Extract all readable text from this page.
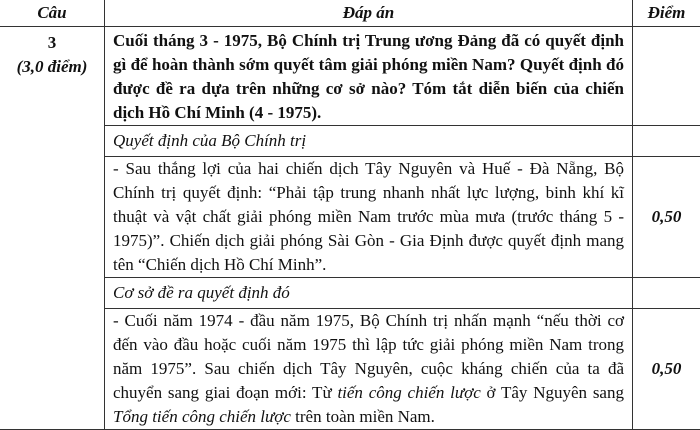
Câu	Đáp án	Điểm

3
(3,0 điểm)	Cuối tháng 3 - 1975, Bộ Chính trị Trung ương Đảng đã có quyết định gì để hoàn thành sớm quyết tâm giải phóng miền Nam? Quyết định đó được đề ra dựa trên những cơ sở nào? Tóm tắt diễn biến của chiến dịch Hồ Chí Minh (4 - 1975).	
	Quyết định của Bộ Chính trị	
	- Sau thắng lợi của hai chiến dịch Tây Nguyên và Huế - Đà Nẵng, Bộ Chính trị quyết định: “Phải tập trung nhanh nhất lực lượng, binh khí kĩ thuật và vật chất giải phóng miền Nam trước mùa mưa (trước tháng 5 - 1975)”. Chiến dịch giải phóng Sài Gòn - Gia Định được quyết định mang tên “Chiến dịch Hồ Chí Minh”.	0,50
	Cơ sở đề ra quyết định đó	
	- Cuối năm 1974 - đầu năm 1975, Bộ Chính trị nhấn mạnh “nếu thời cơ đến vào đầu hoặc cuối năm 1975 thì lập tức giải phóng miền Nam trong năm 1975”. Sau chiến dịch Tây Nguyên, cuộc kháng chiến của ta đã chuyển sang giai đoạn mới: Từ tiến công chiến lược ở Tây Nguyên sang Tổng tiến công chiến lược trên toàn miền Nam.	0,50
